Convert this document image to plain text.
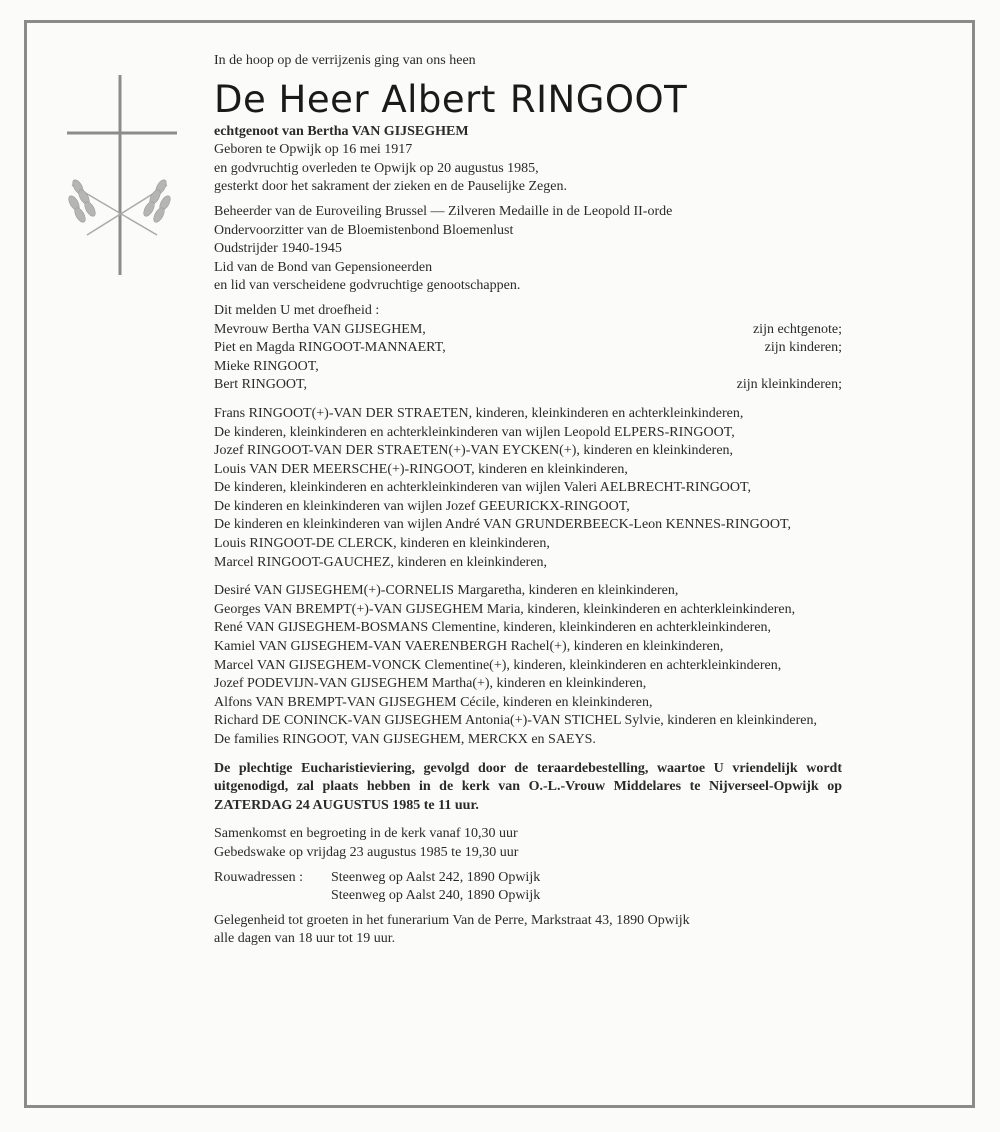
In de hoop op de verrijzenis ging van ons heen
De Heer Albert RINGOOT
echtgenoot van Bertha VAN GIJSEGHEM
Geboren te Opwijk op 16 mei 1917
en godvruchtig overleden te Opwijk op 20 augustus 1985,
gesterkt door het sakrament der zieken en de Pauselijke Zegen.
Beheerder van de Euroveiling Brussel — Zilveren Medaille in de Leopold II-orde
Ondervoorzitter van de Bloemistenbond Bloemenlust
Oudstrijder 1940-1945
Lid van de Bond van Gepensioneerden
en lid van verscheidene godvruchtige genootschappen.
Dit melden U met droefheid :
Mevrouw Bertha VAN GIJSEGHEM,	zijn echtgenote;
Piet en Magda RINGOOT-MANNAERT,	zijn kinderen;
Mieke RINGOOT,
Bert RINGOOT,	zijn kleinkinderen;
Frans RINGOOT(+)-VAN DER STRAETEN, kinderen, kleinkinderen en achterkleinkinderen,
De kinderen, kleinkinderen en achterkleinkinderen van wijlen Leopold ELPERS-RINGOOT,
Jozef RINGOOT-VAN DER STRAETEN(+)-VAN EYCKEN(+), kinderen en kleinkinderen,
Louis VAN DER MEERSCHE(+)-RINGOOT, kinderen en kleinkinderen,
De kinderen, kleinkinderen en achterkleinkinderen van wijlen Valeri AELBRECHT-RINGOOT,
De kinderen en kleinkinderen van wijlen Jozef GEEURICKX-RINGOOT,
De kinderen en kleinkinderen van wijlen André VAN GRUNDERBEECK-Leon KENNES-RINGOOT,
Louis RINGOOT-DE CLERCK, kinderen en kleinkinderen,
Marcel RINGOOT-GAUCHEZ, kinderen en kleinkinderen,
Desiré VAN GIJSEGHEM(+)-CORNELIS Margaretha, kinderen en kleinkinderen,
Georges VAN BREMPT(+)-VAN GIJSEGHEM Maria, kinderen, kleinkinderen en achterkleinkinderen,
René VAN GIJSEGHEM-BOSMANS Clementine, kinderen, kleinkinderen en achterkleinkinderen,
Kamiel VAN GIJSEGHEM-VAN VAERENBERGH Rachel(+), kinderen en kleinkinderen,
Marcel VAN GIJSEGHEM-VONCK Clementine(+), kinderen, kleinkinderen en achterkleinkinderen,
Jozef PODEVIJN-VAN GIJSEGHEM Martha(+), kinderen en kleinkinderen,
Alfons VAN BREMPT-VAN GIJSEGHEM Cécile, kinderen en kleinkinderen,
Richard DE CONINCK-VAN GIJSEGHEM Antonia(+)-VAN STICHEL Sylvie, kinderen en kleinkinderen,
De families RINGOOT, VAN GIJSEGHEM, MERCKX en SAEYS.
De plechtige Eucharistieviering, gevolgd door de teraardebestelling, waartoe U vriendelijk wordt uitgenodigd, zal plaats hebben in de kerk van O.-L.-Vrouw Middelares te Nijverseel-Opwijk op ZATERDAG 24 AUGUSTUS 1985 te 11 uur.
Samenkomst en begroeting in de kerk vanaf 10,30 uur
Gebedswake op vrijdag 23 augustus 1985 te 19,30 uur
Rouwadressen :	Steenweg op Aalst 242, 1890 Opwijk
Steenweg op Aalst 240, 1890 Opwijk
Gelegenheid tot groeten in het funerarium Van de Perre, Markstraat 43, 1890 Opwijk
alle dagen van 18 uur tot 19 uur.
